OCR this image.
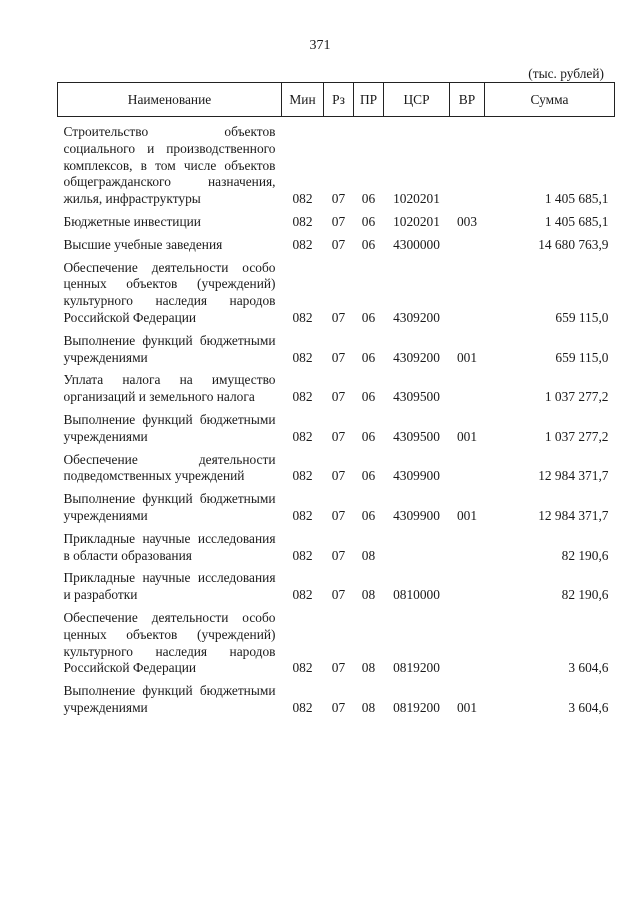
371
(тыс. рублей)
Наименование	Мин	Рз	ПР	ЦСР	ВР	Сумма
Строительство объектов социального и производственного комплексов, в том числе объектов общегражданского назначения, жилья, инфраструктуры	082	07	06	1020201		1 405 685,1
Бюджетные инвестиции	082	07	06	1020201	003	1 405 685,1
Высшие учебные заведения	082	07	06	4300000		14 680 763,9
Обеспечение деятельности особо ценных объектов (учреждений) культурного наследия народов Российской Федерации	082	07	06	4309200		659 115,0
Выполнение функций бюджетными учреждениями	082	07	06	4309200	001	659 115,0
Уплата налога на имущество организаций и земельного налога	082	07	06	4309500		1 037 277,2
Выполнение функций бюджетными учреждениями	082	07	06	4309500	001	1 037 277,2
Обеспечение деятельности подведомственных учреждений	082	07	06	4309900		12 984 371,7
Выполнение функций бюджетными учреждениями	082	07	06	4309900	001	12 984 371,7
Прикладные научные исследования в области образования	082	07	08			82 190,6
Прикладные научные исследования и разработки	082	07	08	0810000		82 190,6
Обеспечение деятельности особо ценных объектов (учреждений) культурного наследия народов Российской Федерации	082	07	08	0819200		3 604,6
Выполнение функций бюджетными учреждениями	082	07	08	0819200	001	3 604,6
